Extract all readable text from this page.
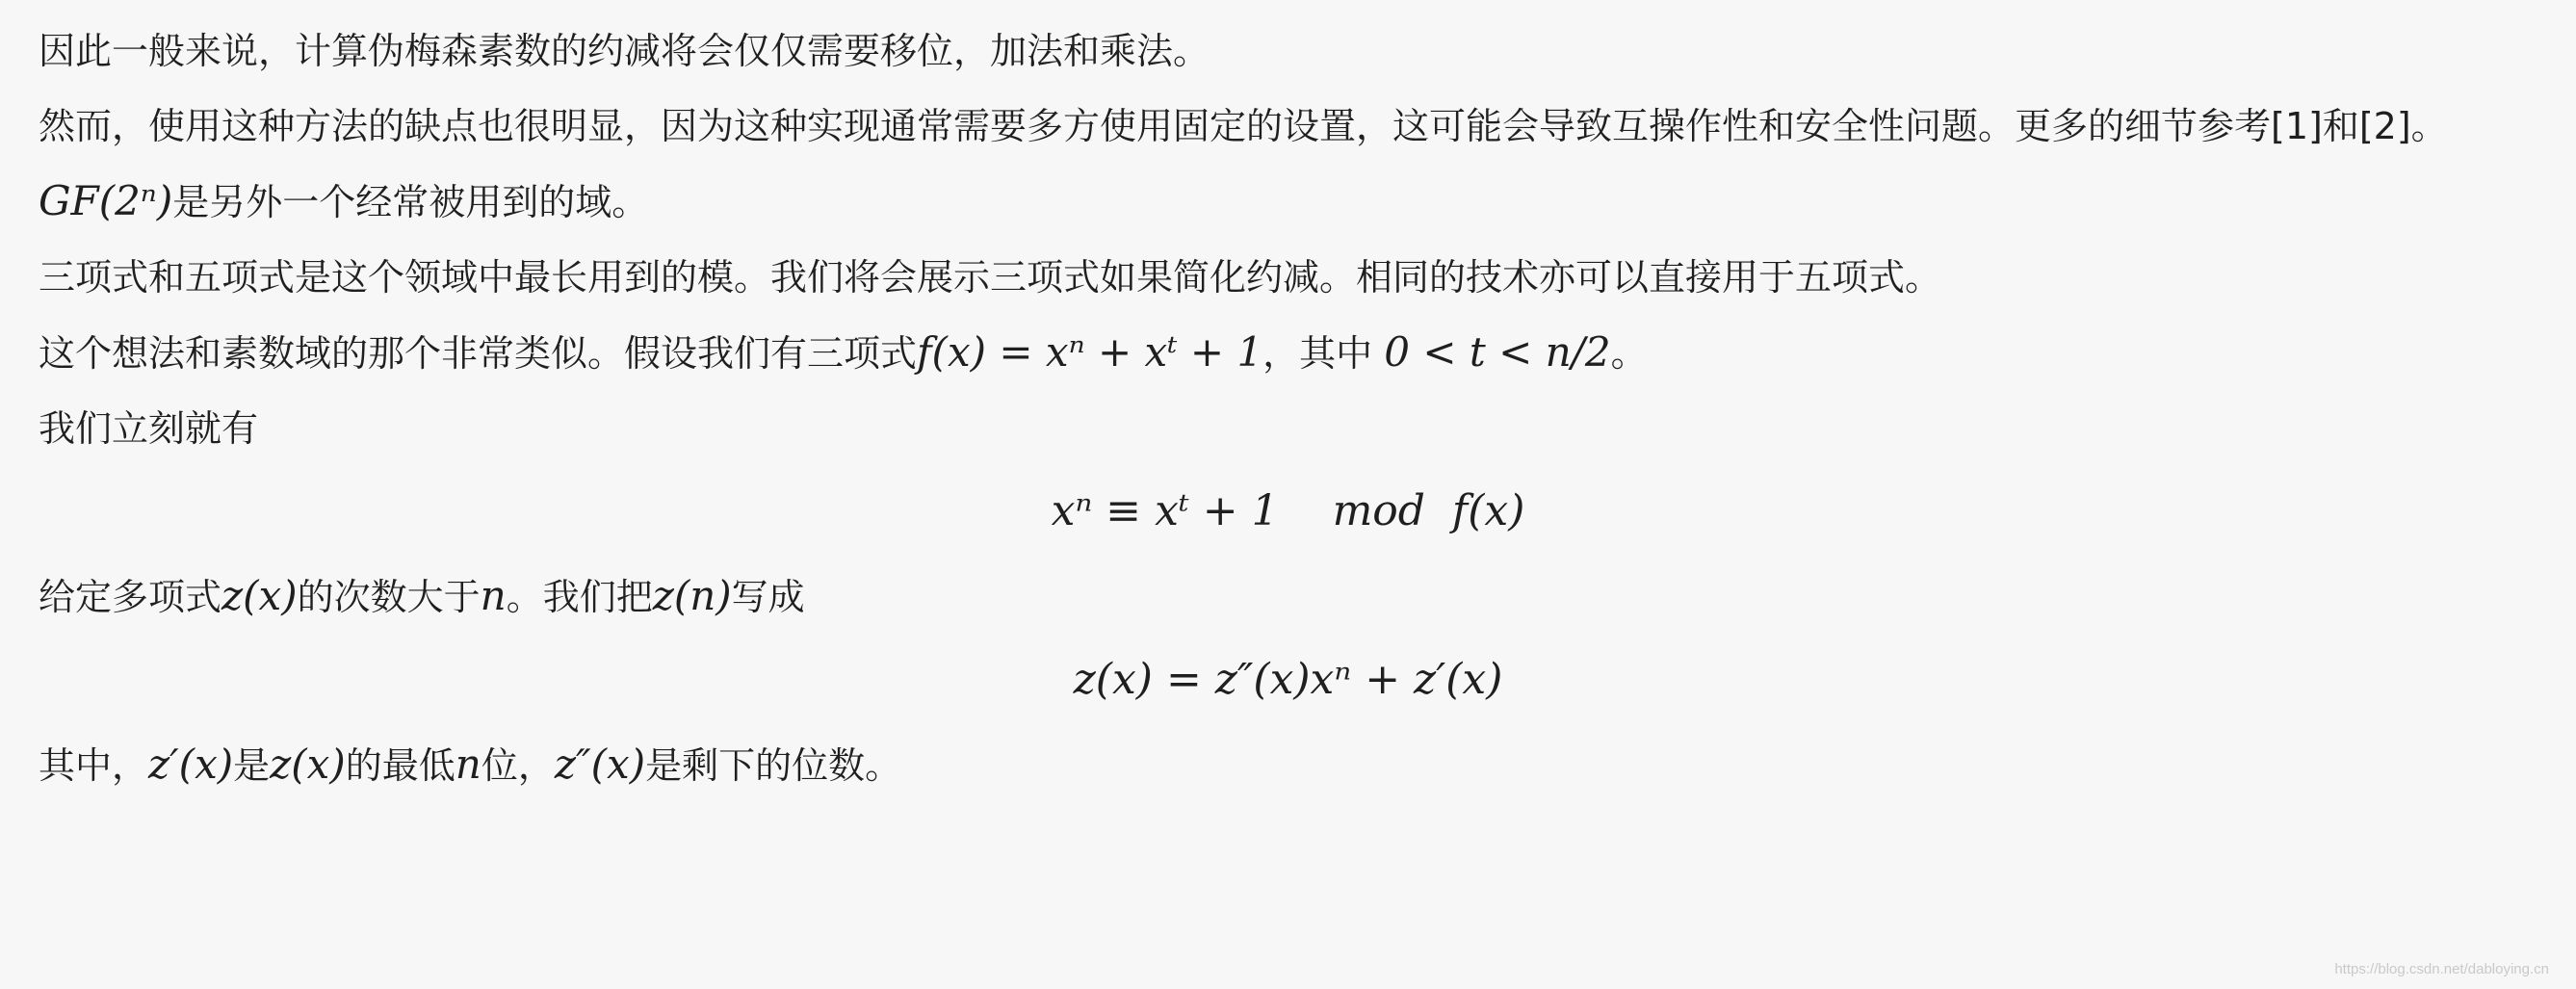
因此一般来说，计算伪梅森素数的约减将会仅仅需要移位，加法和乘法。

然而，使用这种方法的缺点也很明显，因为这种实现通常需要多方使用固定的设置，这可能会导致互操作性和安全性问题。更多的细节参考[1]和[2]。

GF(2ⁿ)是另外一个经常被用到的域。

三项式和五项式是这个领域中最长用到的模。我们将会展示三项式如果简化约减。相同的技术亦可以直接用于五项式。

这个想法和素数域的那个非常类似。假设我们有三项式f(x) = xⁿ + xᵗ + 1，其中 0 < t < n/2。

我们立刻就有

xⁿ ≡ xᵗ + 1    mod  f(x)

给定多项式z(x)的次数大于n。我们把z(n)写成

z(x) = z″(x)xⁿ + z′(x)

其中，z′(x)是z(x)的最低n位，z″(x)是剩下的位数。

https://blog.csdn.net/dabloying.cn
